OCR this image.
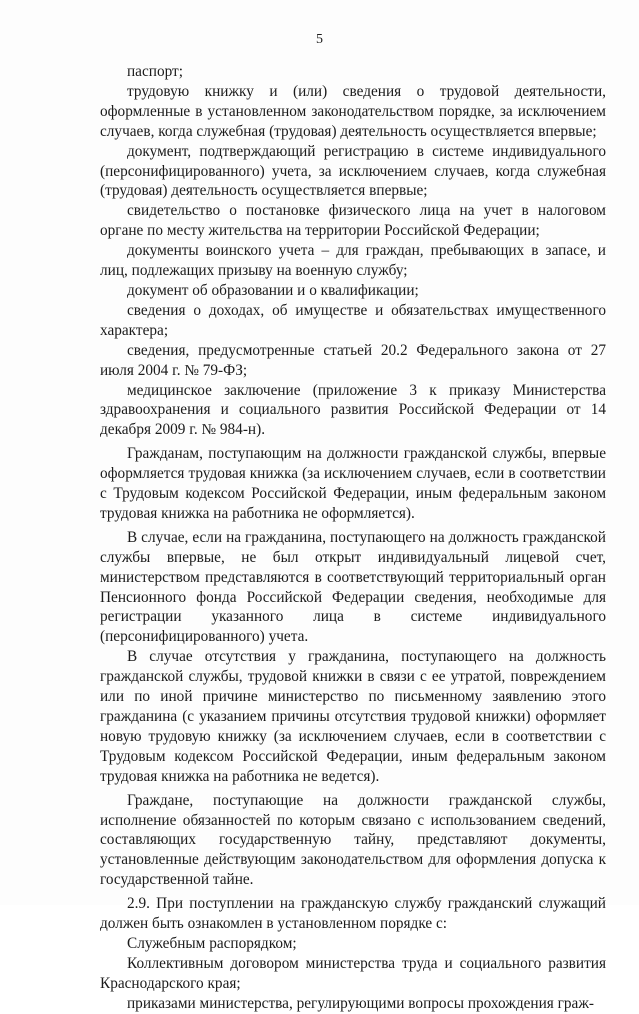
5

паспорт;

трудовую книжку и (или) сведения о трудовой деятельности, оформленные в установленном законодательством порядке, за исключением случаев, когда служебная (трудовая) деятельность осуществляется впервые;

документ, подтверждающий регистрацию в системе индивидуального (персонифицированного) учета, за исключением случаев, когда служебная (трудовая) деятельность осуществляется впервые;

свидетельство о постановке физического лица на учет в налоговом органе по месту жительства на территории Российской Федерации;

документы воинского учета – для граждан, пребывающих в запасе, и лиц, подлежащих призыву на военную службу;

документ об образовании и о квалификации;

сведения о доходах, об имуществе и обязательствах имущественного характера;

сведения, предусмотренные статьей 20.2 Федерального закона от 27 июля 2004 г. № 79-ФЗ;

медицинское заключение (приложение 3 к приказу Министерства здравоохранения и социального развития Российской Федерации от 14 декабря 2009 г. № 984-н).

Гражданам, поступающим на должности гражданской службы, впервые оформляется трудовая книжка (за исключением случаев, если в соответствии с Трудовым кодексом Российской Федерации, иным федеральным законом трудовая книжка на работника не оформляется).

В случае, если на гражданина, поступающего на должность гражданской службы впервые, не был открыт индивидуальный лицевой счет, министерством представляются в соответствующий территориальный орган Пенсионного фонда Российской Федерации сведения, необходимые для регистрации указанного лица в системе индивидуального (персонифицированного) учета.

В случае отсутствия у гражданина, поступающего на должность гражданской службы, трудовой книжки в связи с ее утратой, повреждением или по иной причине министерство по письменному заявлению этого гражданина (с указанием причины отсутствия трудовой книжки) оформляет новую трудовую книжку (за исключением случаев, если в соответствии с Трудовым кодексом Российской Федерации, иным федеральным законом трудовая книжка на работника не ведется).

Граждане, поступающие на должности гражданской службы, исполнение обязанностей по которым связано с использованием сведений, составляющих государственную тайну, представляют документы, установленные действующим законодательством для оформления допуска к государственной тайне.

2.9. При поступлении на гражданскую службу гражданский служащий должен быть ознакомлен в установленном порядке с:

Служебным распорядком;

Коллективным договором министерства труда и социального развития Краснодарского края;

приказами министерства, регулирующими вопросы прохождения граж-
